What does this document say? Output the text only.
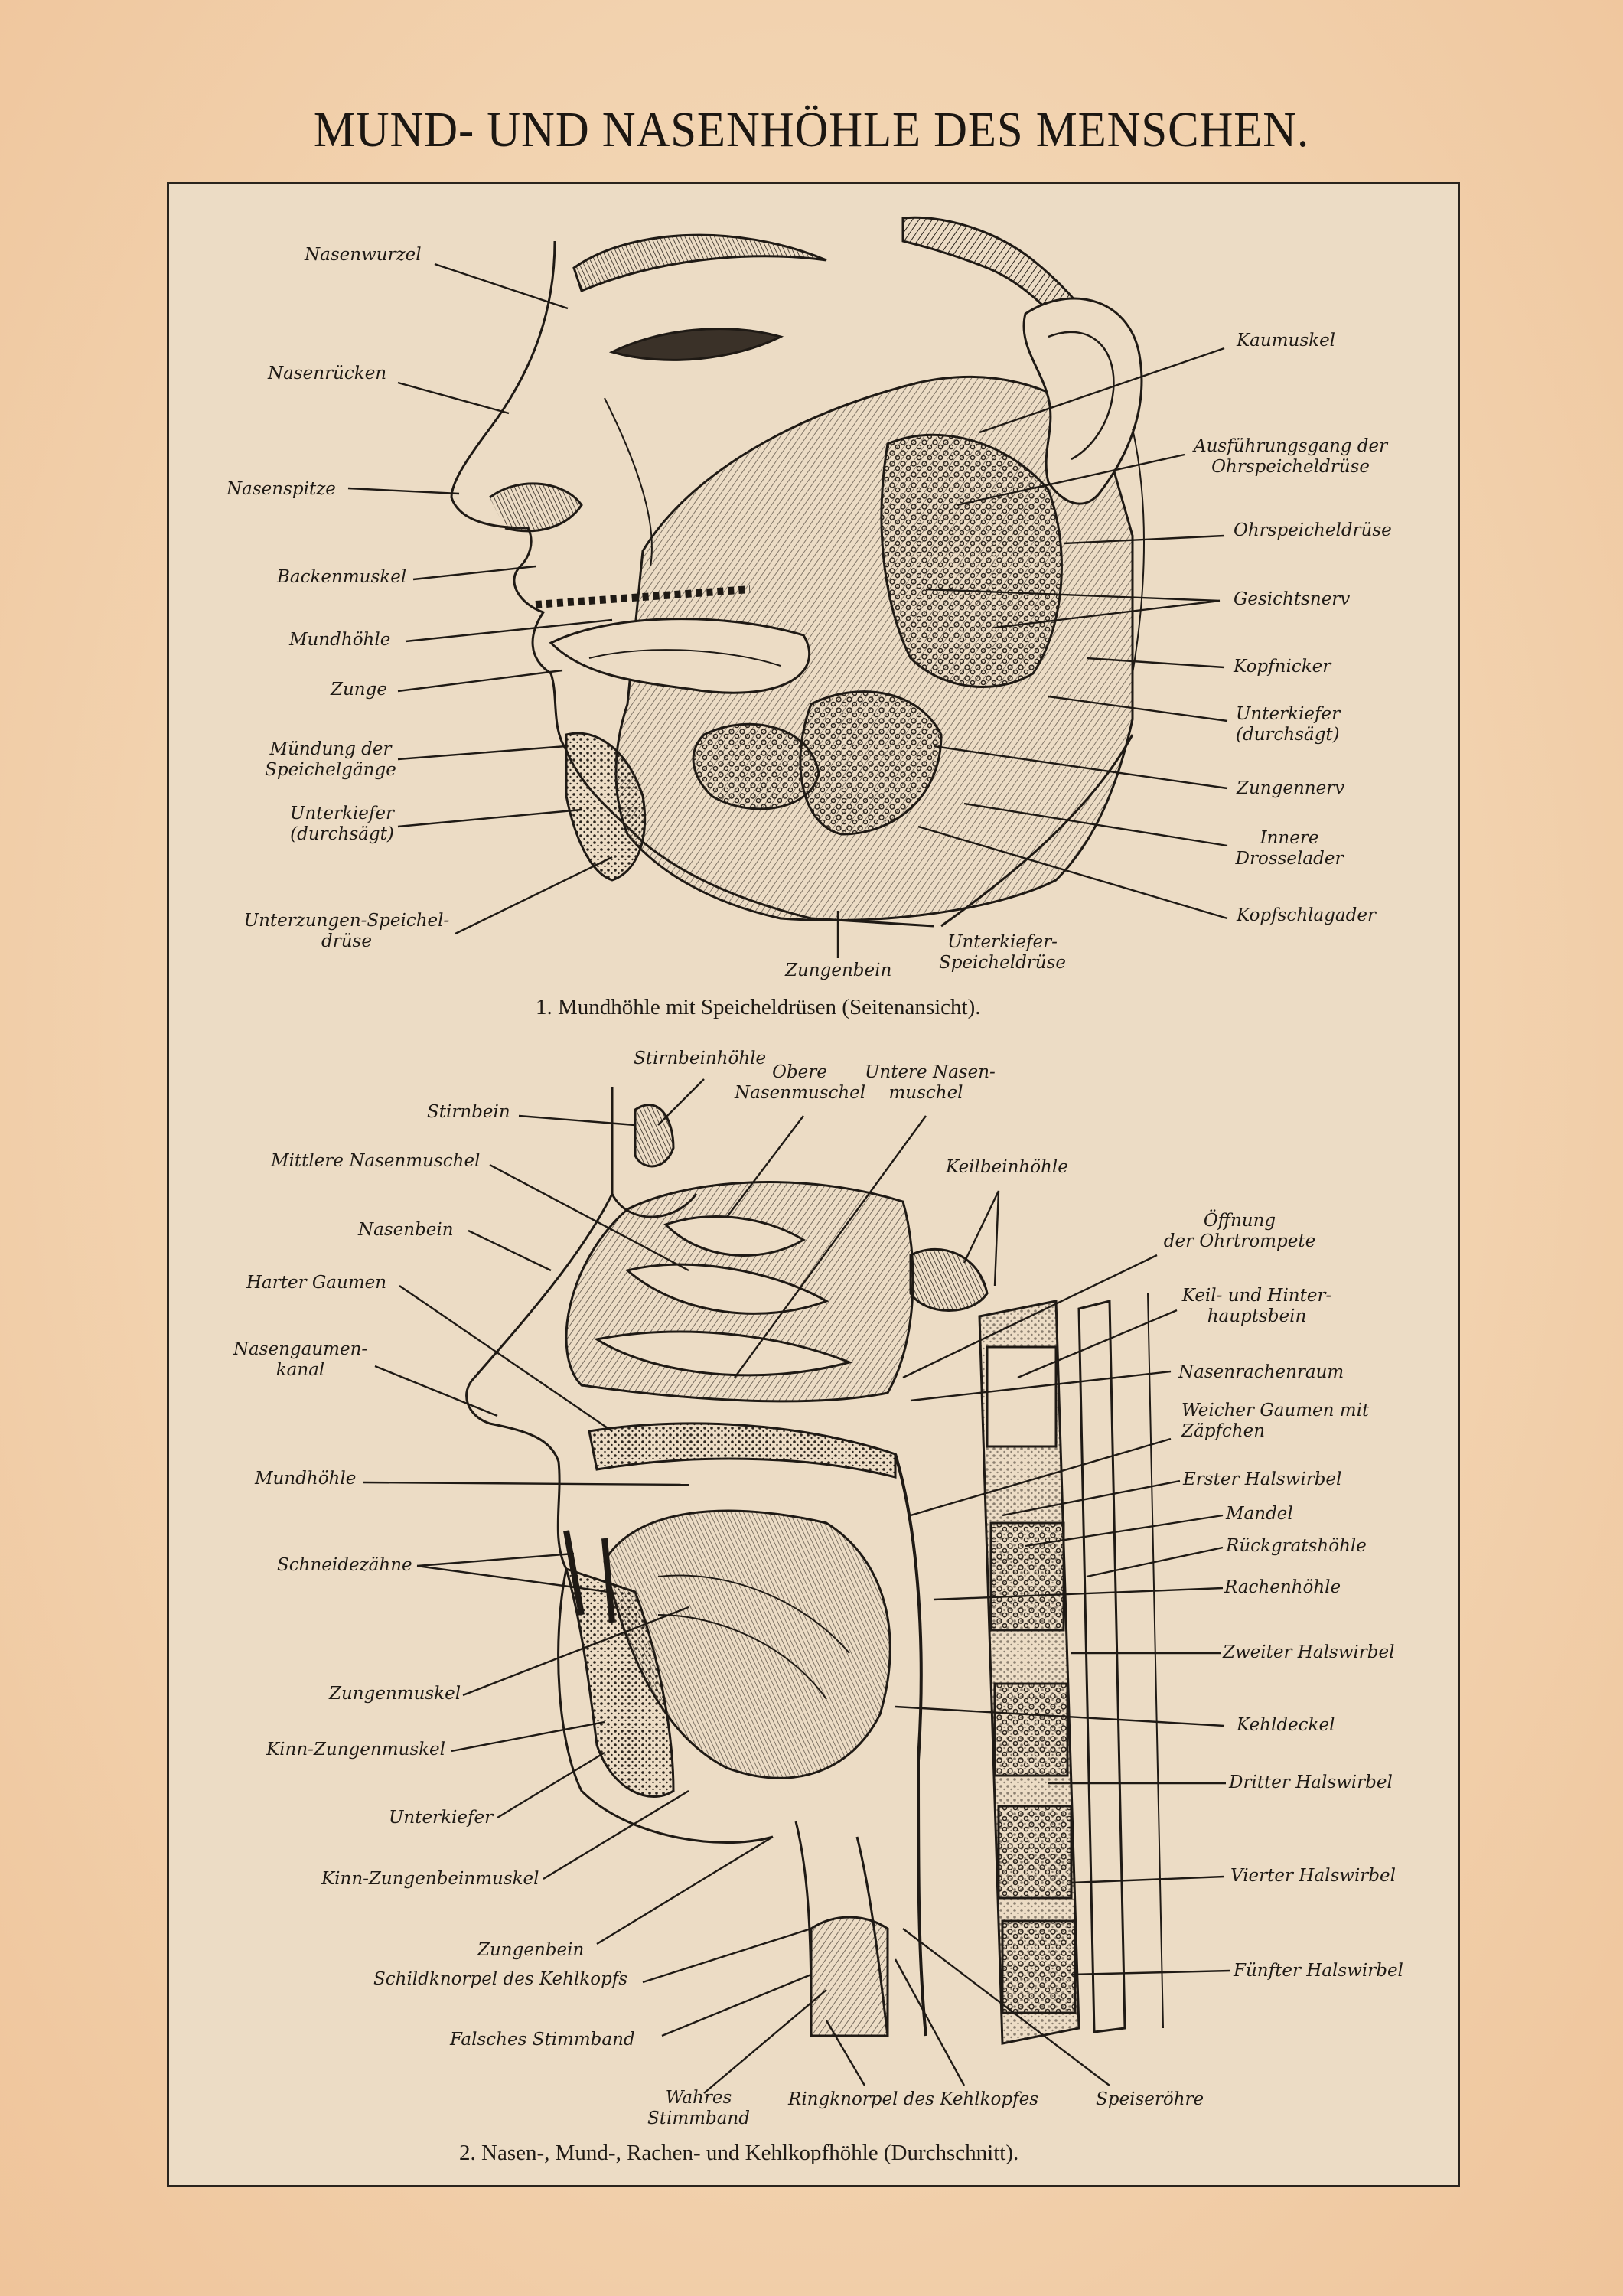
MUND- UND NASENHÖHLE DES MENSCHEN.
Nasenwurzel
Nasenrücken
Nasenspitze
Backenmuskel
Mundhöhle
Zunge
Mündung der
Speichelgänge
Unterkiefer
(durchsägt)
Unterzungen-Speichel-
drüse
Zungenbein
Unterkiefer-
Speicheldrüse
Kaumuskel
Ausführungsgang der
Ohrspeicheldrüse
Ohrspeicheldrüse
Gesichtsnerv
Kopfnicker
Unterkiefer
(durchsägt)
Zungennerv
Innere
Drosselader
Kopfschlagader
1. Mundhöhle mit Speicheldrüsen (Seitenansicht).
Stirnbeinhöhle
Obere
Nasenmuschel
Untere Nasen-
muschel
Stirnbein
Mittlere Nasenmuschel	Keilbeinhöhle
Nasenbein	Öffnung
der Ohrtrompete
Harter Gaumen
Keil- und Hinter-
hauptsbein
Nasengaumen-
kanal	Nasenrachenraum
Weicher Gaumen mit
Zäpfchen
Mundhöhle	Erster Halswirbel
Mandel
Rückgratshöhle
Schneidezähne
Rachenhöhle
Zweiter Halswirbel
Zungenmuskel
Kehldeckel
Kinn-Zungenmuskel
Dritter Halswirbel
Unterkiefer
Kinn-Zungenbeinmuskel	Vierter Halswirbel
Zungenbein
Schildknorpel des Kehlkopfs	Fünfter Halswirbel
Falsches Stimmband
Wahres
Stimmband
Ringknorpel des Kehlkopfes	Speiseröhre
2. Nasen-, Mund-, Rachen- und Kehlkopfhöhle (Durchschnitt).
